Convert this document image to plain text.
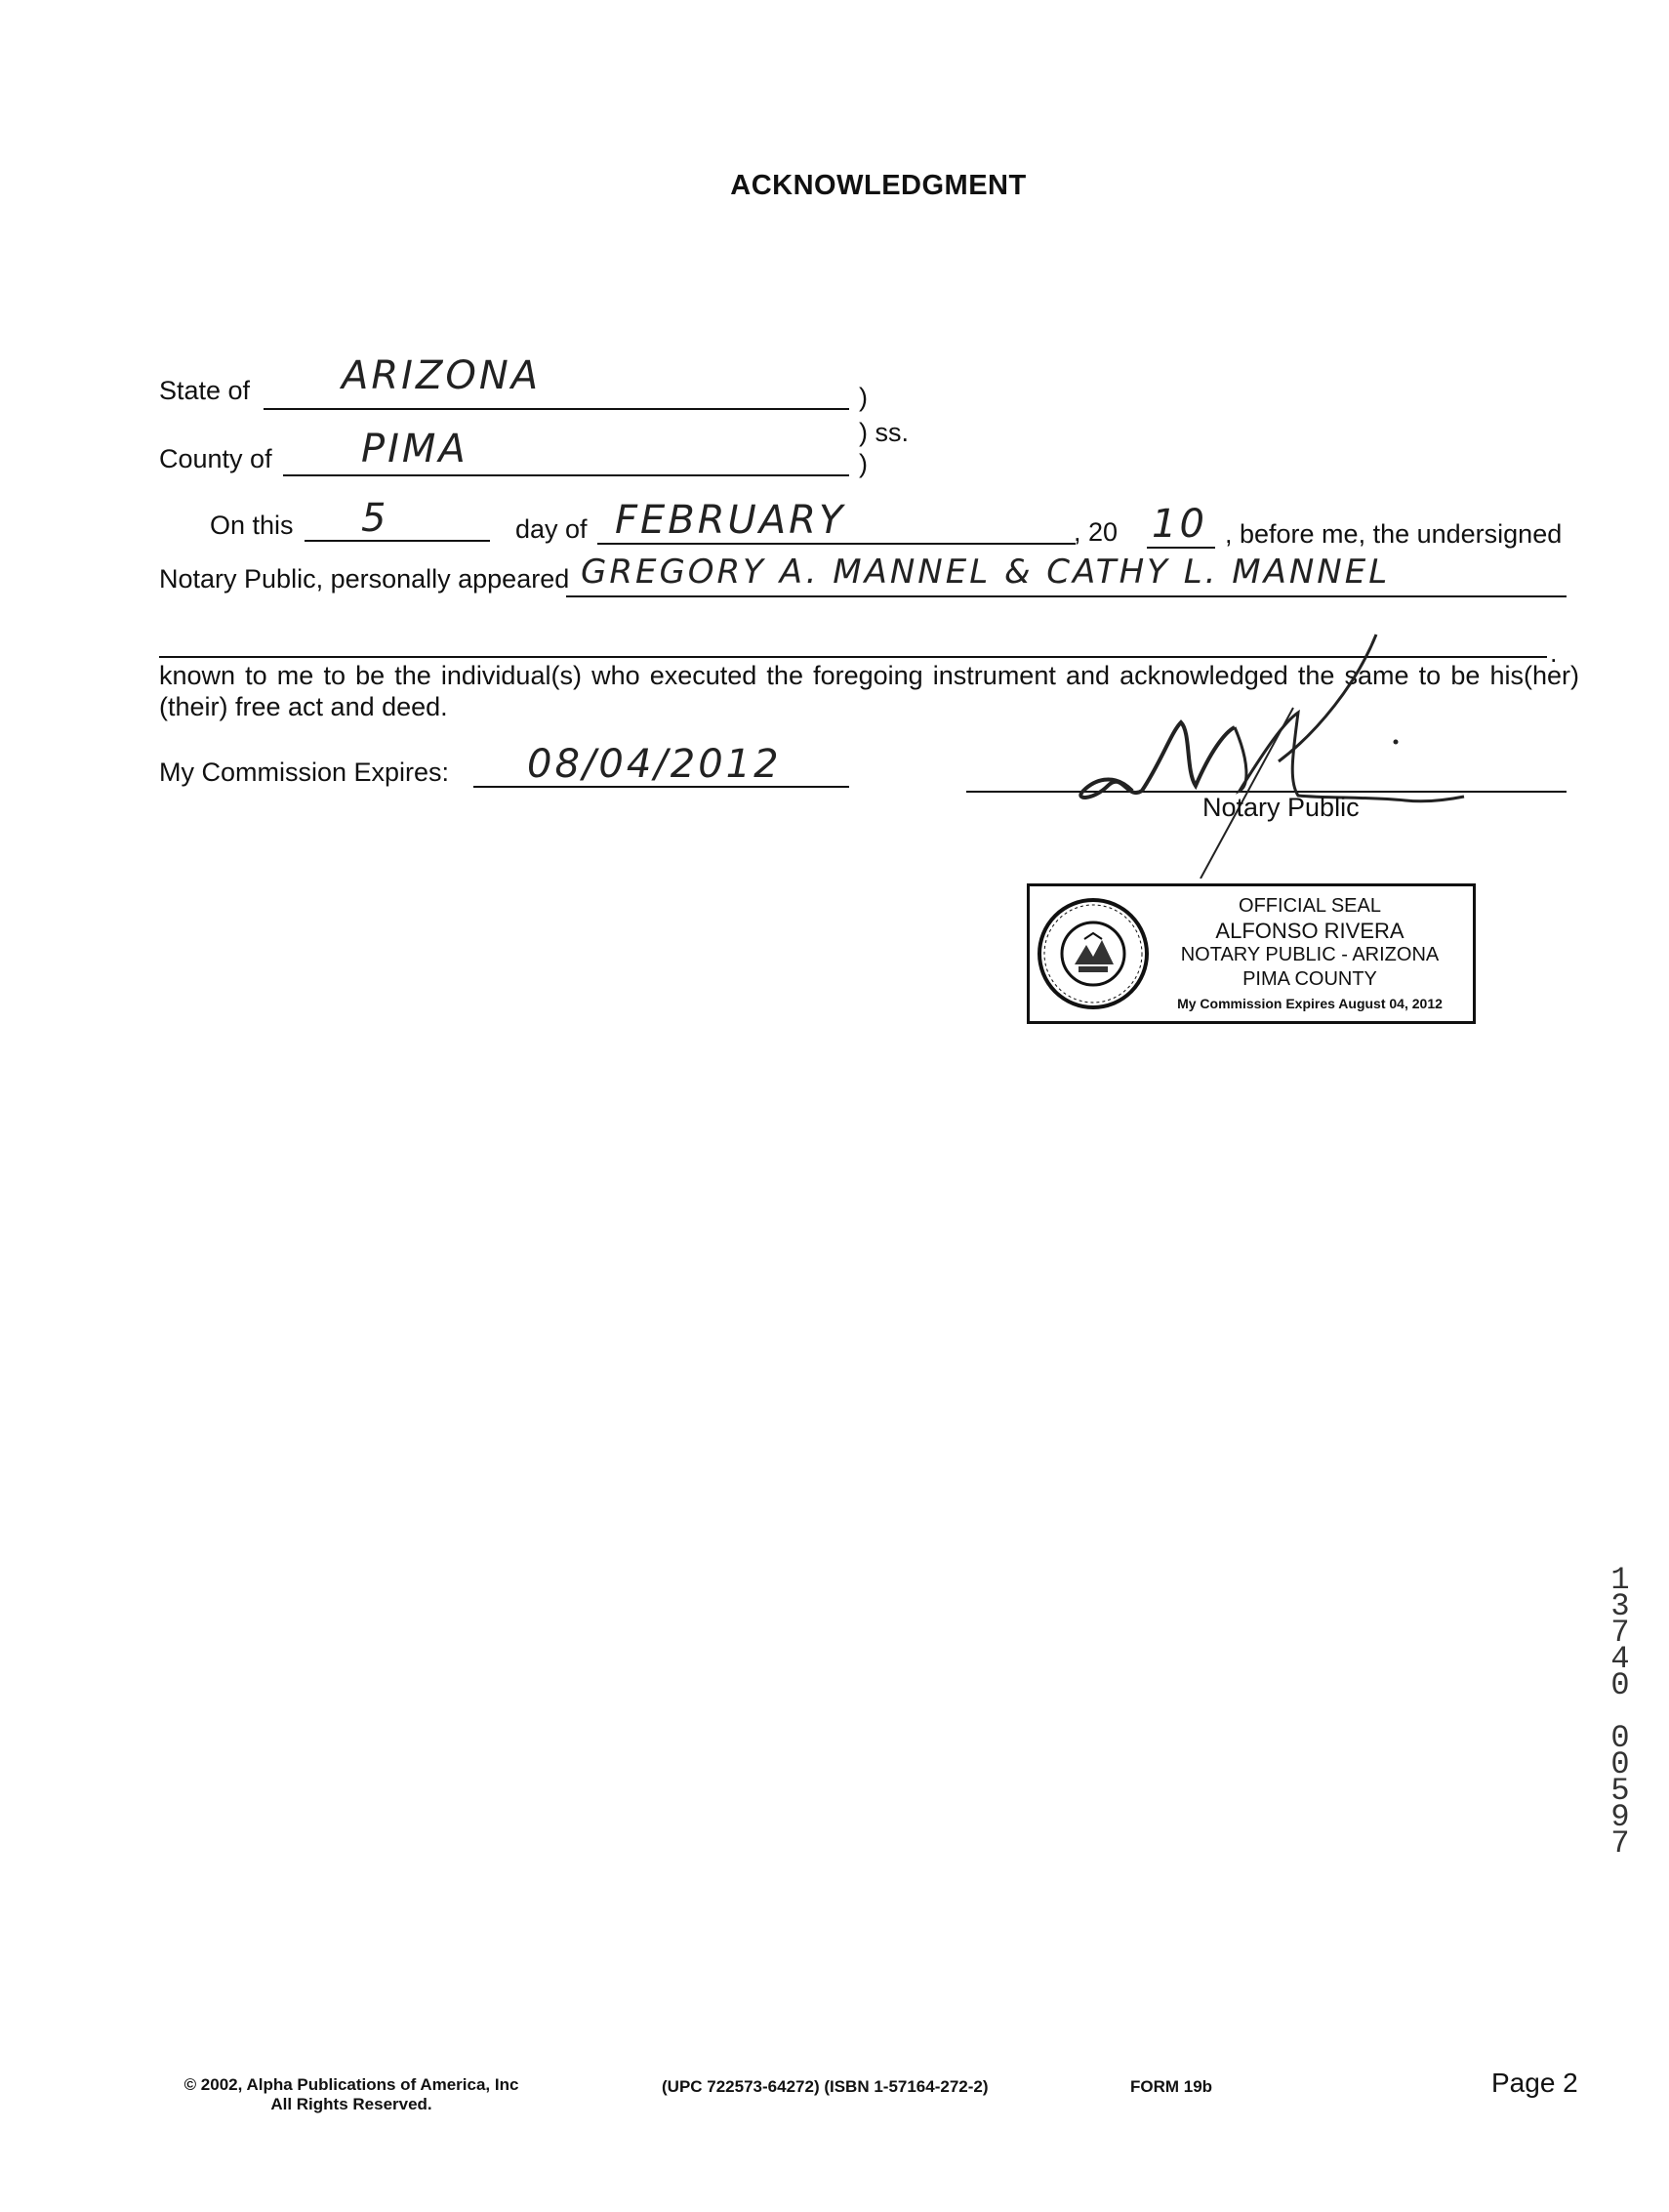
ACKNOWLEDGMENT
State of ARIZONA	)
) ss.
County of PIMA	)
On this 5	day of FEBRUARY	, 20 10 , before me, the undersigned
Notary Public, personally appeared GREGORY A. MANNEL & CATHY L. MANNEL
.
known to me to be the individual(s) who executed the foregoing instrument and acknowledged the same to be his(her)(their) free act and deed.
My Commission Expires: 08/04/2012
Notary Public
OFFICIAL SEAL
ALFONSO RIVERA
NOTARY PUBLIC - ARIZONA
PIMA COUNTY
My Commission Expires August 04, 2012
1
3
7
4
0

0
0
5
9
7
© 2002, Alpha Publications of America, Inc
All Rights Reserved.
(UPC 722573-64272) (ISBN 1-57164-272-2)	FORM 19b	Page 2
